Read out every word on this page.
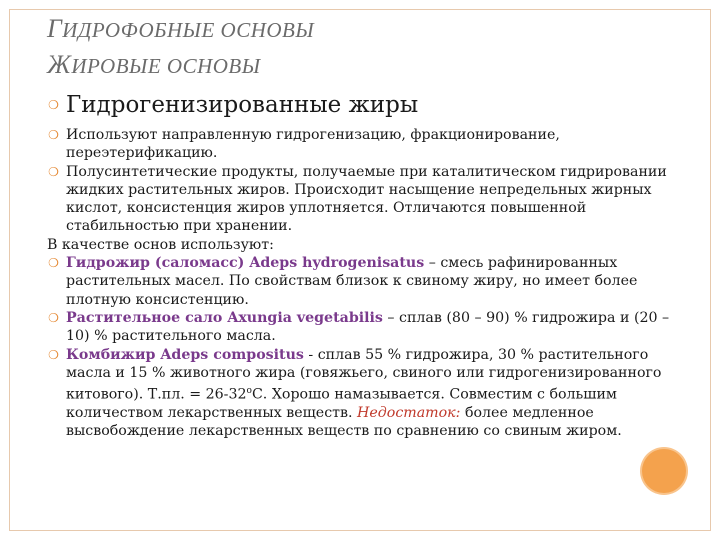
ГИДРОФОБНЫЕ ОСНОВЫ
ЖИРОВЫЕ ОСНОВЫ
❍ Гидрогенизированные жиры
❍ Используют направленную гидрогенизацию, фракционирование, переэтерификацию.
❍ Полусинтетические продукты, получаемые при каталитическом гидрировании жидких растительных жиров. Происходит насыщение непредельных жирных кислот, консистенция жиров уплотняется. Отличаются повышенной стабильностью при хранении.
В качестве основ используют:
❍ Гидрожир (саломасс) Adeps hydrogenisatus – смесь рафинированных растительных масел. По свойствам близок к свиному жиру, но имеет более плотную консистенцию.
❍ Растительное сало Axungia vegetabilis – сплав (80 – 90) % гидрожира и (20 – 10) % растительного масла.
❍ Комбижир Adeps compositus - сплав 55 % гидрожира, 30 % растительного масла и 15 % животного жира (говяжьего, свиного или гидрогенизированного китового). Т.пл. = $26-32^оС$. Хорошо намазывается. Совместим с большим количеством лекарственных веществ. Недостаток: более медленное высвобождение лекарственных веществ по сравнению со свиным жиром.
